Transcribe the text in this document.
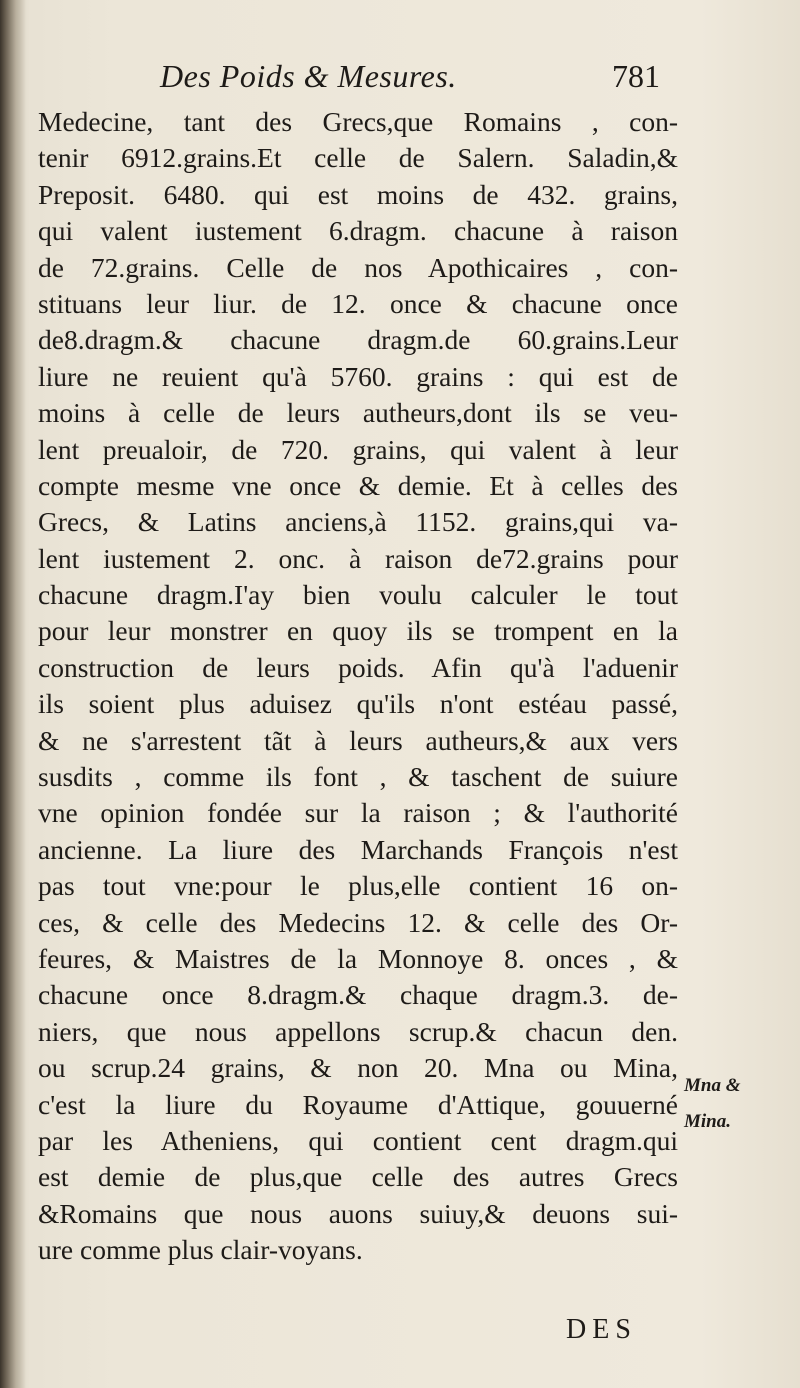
Des Poids & Mesures.	781
Medecine, tant des Grecs,que Romains , con-
tenir 6912.grains.Et celle de Salern. Saladin,&
Preposit. 6480. qui est moins de 432. grains,
qui valent iustement 6.dragm. chacune à raison
de 72.grains. Celle de nos Apothicaires , con-
stituans leur liur. de 12. once & chacune once
de8.dragm.& chacune dragm.de 60.grains.Leur
liure ne reuient qu'à 5760. grains : qui est de
moins à celle de leurs autheurs,dont ils se veu-
lent preualoir, de 720. grains, qui valent à leur
compte mesme vne once & demie. Et à celles des
Grecs, & Latins anciens,à 1152. grains,qui va-
lent iustement 2. onc. à raison de72.grains pour
chacune dragm.I'ay bien voulu calculer le tout
pour leur monstrer en quoy ils se trompent en la
construction de leurs poids. Afin qu'à l'aduenir
ils soient plus aduisez qu'ils n'ont estéau passé,
& ne s'arrestent tãt à leurs autheurs,& aux vers
susdits , comme ils font , & taschent de suiure
vne opinion fondée sur la raison ; & l'authorité
ancienne. La liure des Marchands François n'est
pas tout vne:pour le plus,elle contient 16 on-
ces, & celle des Medecins 12. & celle des Or-
feures, & Maistres de la Monnoye 8. onces , &
chacune once 8.dragm.& chaque dragm.3. de-
niers, que nous appellons scrup.& chacun den.
ou scrup.24 grains, & non 20. Mna ou Mina,
c'est la liure du Royaume d'Attique, gouuerné
par les Atheniens, qui contient cent dragm.qui
est demie de plus,que celle des autres Grecs
&Romains que nous auons suiuy,& deuons sui-
ure comme plus clair-voyans.
Mna &
Mina.
DES
